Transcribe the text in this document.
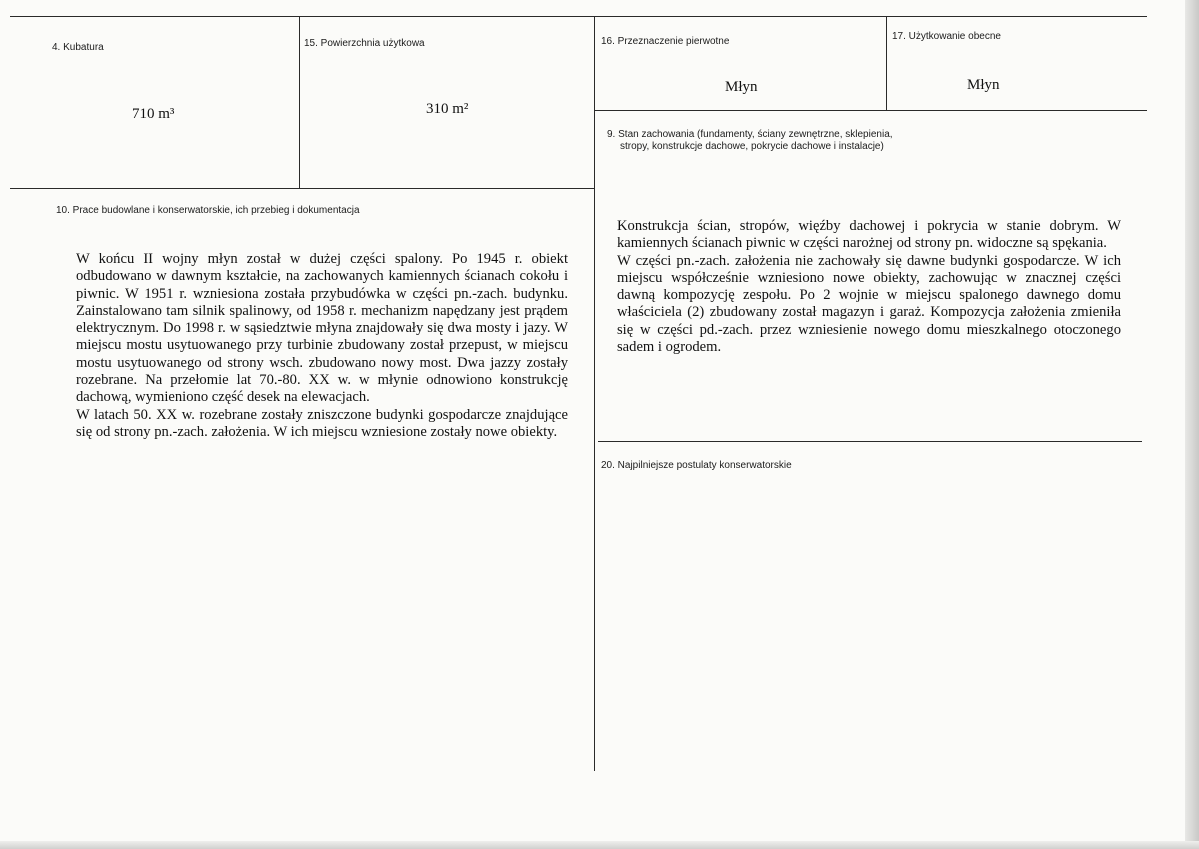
4. Kubatura
710 m³
15. Powierzchnia użytkowa
310 m²
16. Przeznaczenie pierwotne
Młyn
17. Użytkowanie obecne
Młyn
9. Stan zachowania (fundamenty, ściany zewnętrzne, sklepienia,
stropy, konstrukcje dachowe, pokrycie dachowe i instalacje)

Konstrukcja ścian, stropów, więźby dachowej i pokrycia w stanie dobrym. W kamiennych ścianach piwnic w części narożnej od strony pn. widoczne są spękania.

W części pn.-zach. założenia nie zachowały się dawne budynki gospodarcze. W ich miejscu współcześnie wzniesiono nowe obiekty, zachowując w znacznej części dawną kompozycję zespołu. Po 2 wojnie w miejscu spalonego dawnego domu właściciela (2) zbudowany został magazyn i garaż. Kompozycja założenia zmieniła się w części pd.-zach. przez wzniesienie nowego domu mieszkalnego otoczonego sadem i ogrodem.

10. Prace budowlane i konserwatorskie, ich przebieg i dokumentacja

W końcu II wojny młyn został w dużej części spalony. Po 1945 r. obiekt odbudowano w dawnym kształcie, na zachowanych kamiennych ścianach cokołu i piwnic. W 1951 r. wzniesiona została przybudówka w części pn.-zach. budynku. Zainstalowano tam silnik spalinowy, od 1958 r. mechanizm napędzany jest prądem elektrycznym. Do 1998 r. w sąsiedztwie młyna znajdowały się dwa mosty i jazy. W miejscu mostu usytuowanego przy turbinie zbudowany został przepust, w miejscu mostu usytuowanego od strony wsch. zbudowano nowy most. Dwa jazzy zostały rozebrane. Na przełomie lat 70.-80. XX w. w młynie odnowiono konstrukcję dachową, wymieniono część desek na elewacjach.

W latach 50. XX w. rozebrane zostały zniszczone budynki gospodarcze znajdujące się od strony pn.-zach. założenia. W ich miejscu wzniesione zostały nowe obiekty.

20. Najpilniejsze postulaty konserwatorskie
